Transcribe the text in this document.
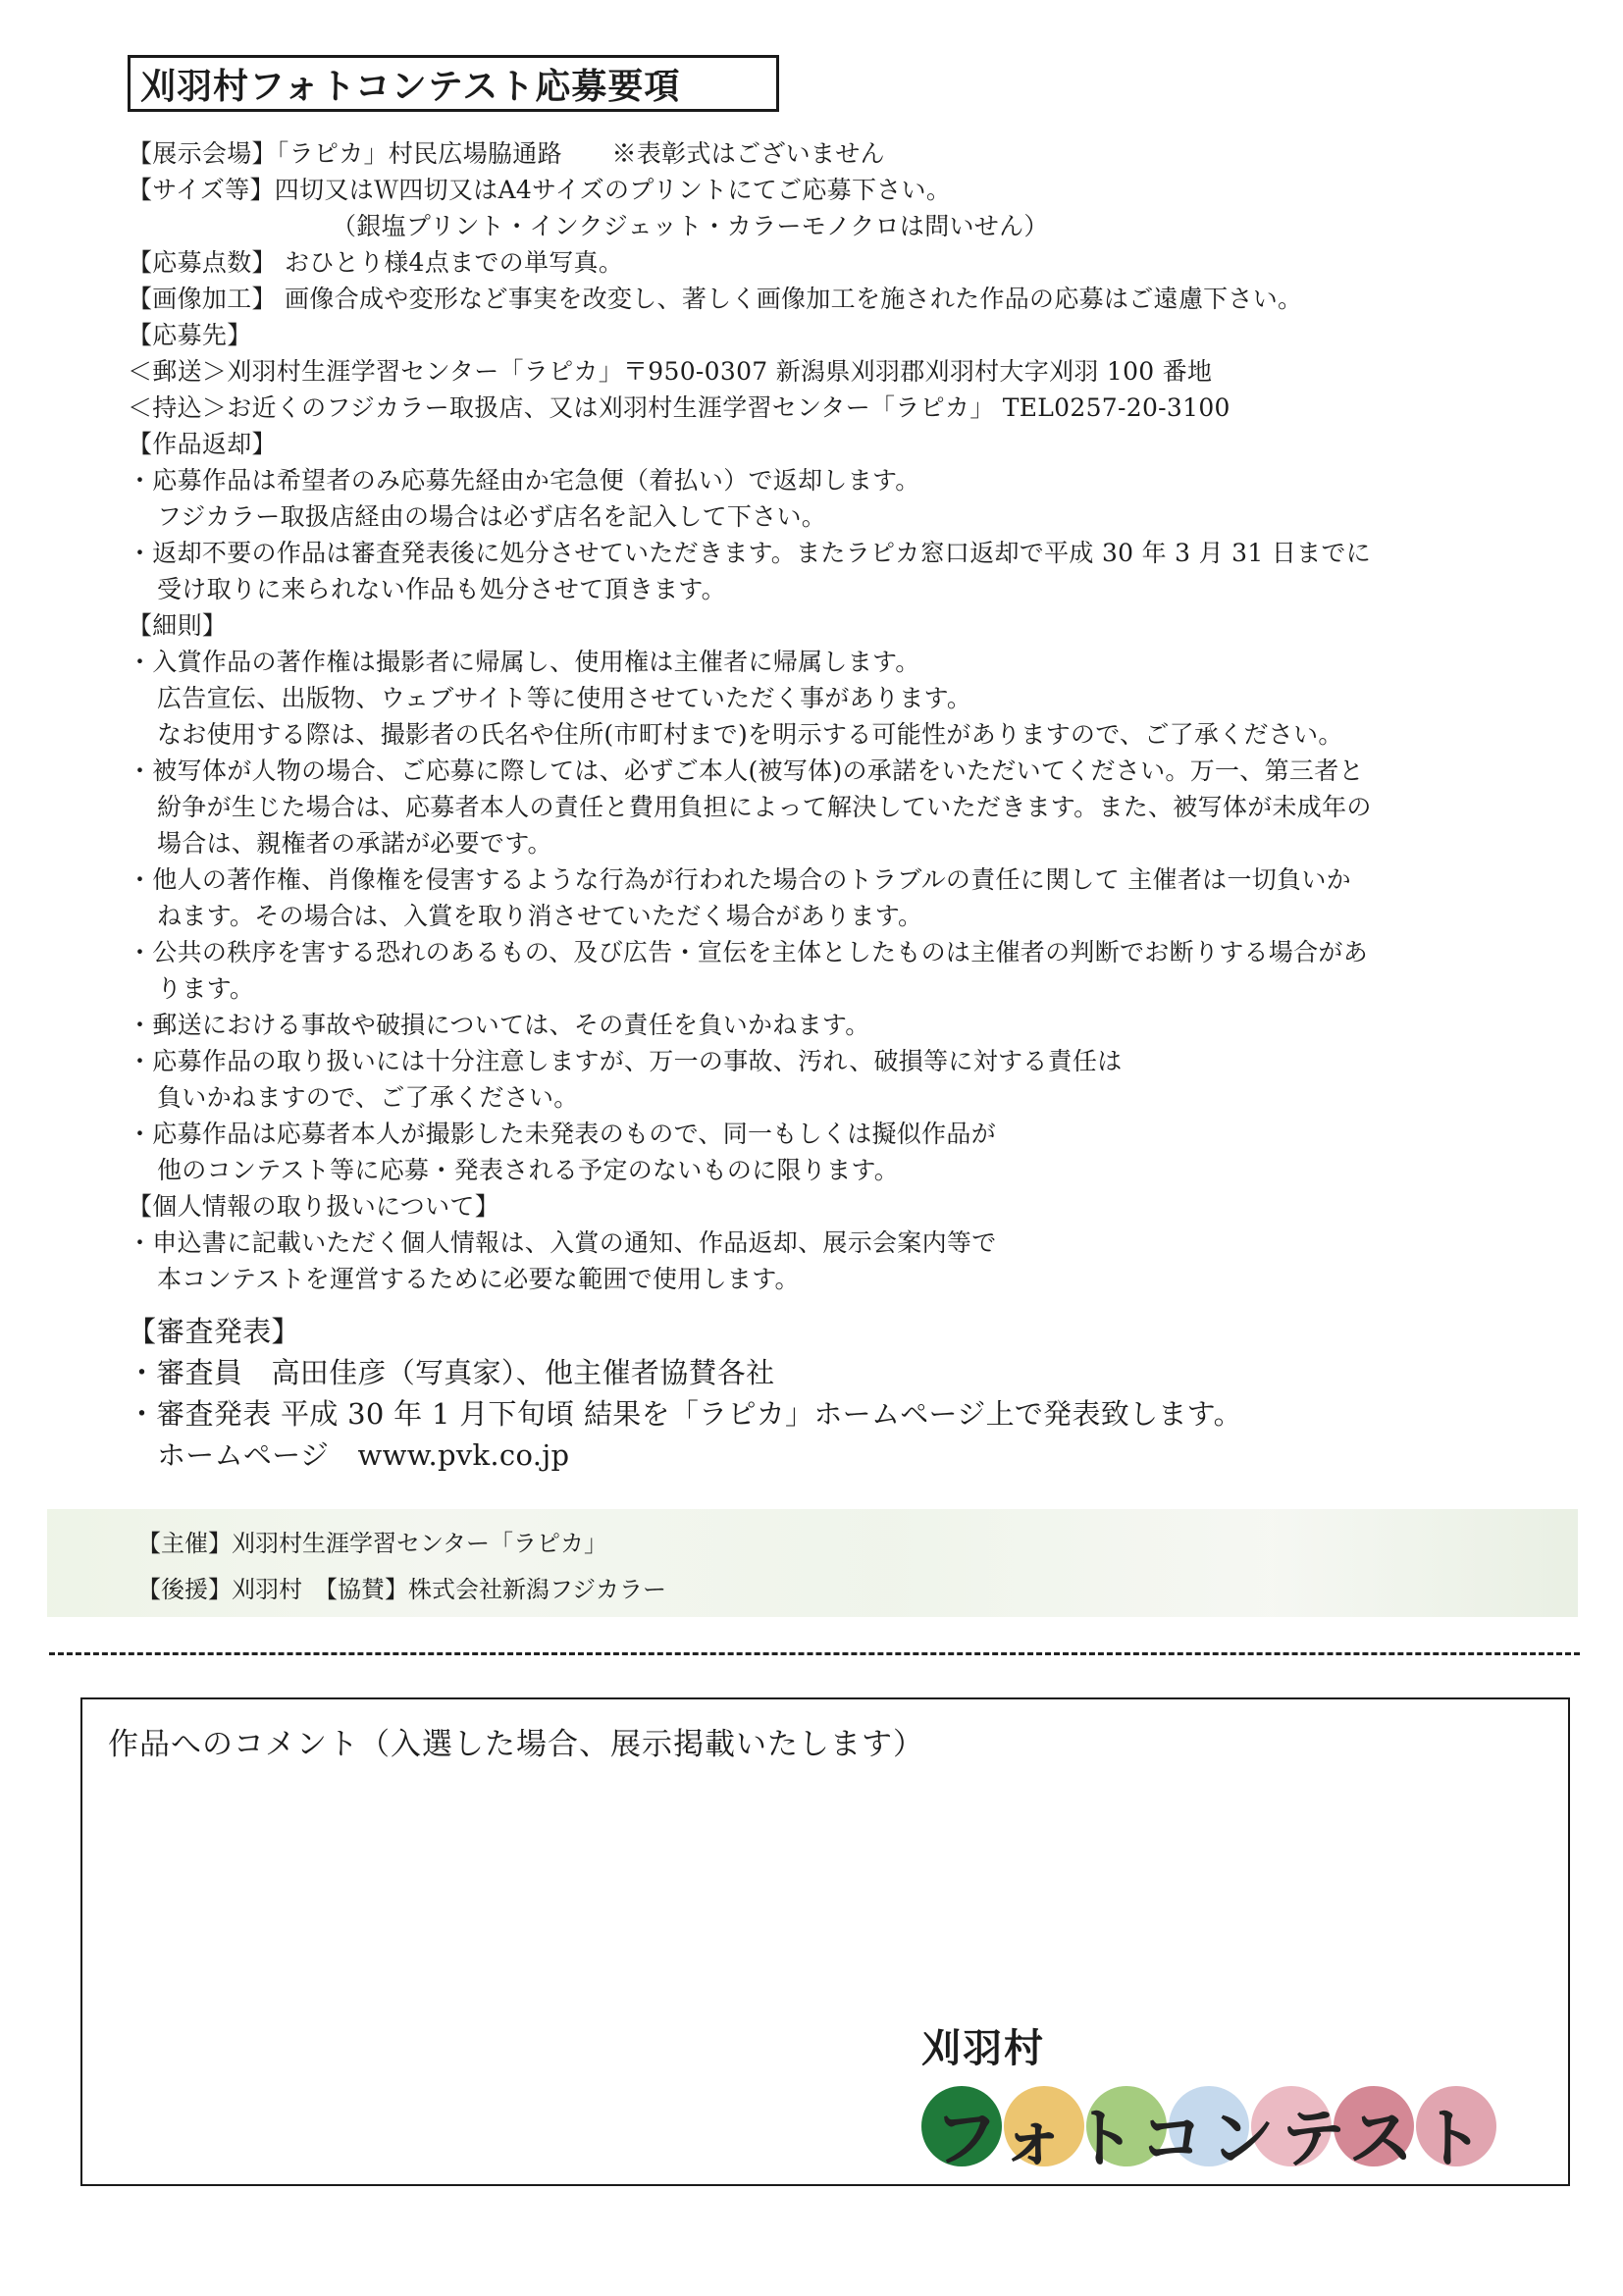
刈羽村フォトコンテスト応募要項
【展示会場】「ラピカ」村民広場脇通路　　※表彰式はございません
【サイズ等】四切又はＷ四切又はA4サイズのプリントにてご応募下さい。
（銀塩プリント・インクジェット・カラーモノクロは問いせん）
【応募点数】 おひとり様4点までの単写真。
【画像加工】 画像合成や変形など事実を改変し、著しく画像加工を施された作品の応募はご遠慮下さい。
【応募先】
＜郵送＞刈羽村生涯学習センター「ラピカ」〒950-0307 新潟県刈羽郡刈羽村大字刈羽 100 番地
＜持込＞お近くのフジカラー取扱店、又は刈羽村生涯学習センター「ラピカ」 TEL0257-20-3100
【作品返却】
・応募作品は希望者のみ応募先経由か宅急便（着払い）で返却します。
フジカラー取扱店経由の場合は必ず店名を記入して下さい。
・返却不要の作品は審査発表後に処分させていただきます。またラピカ窓口返却で平成 30 年 3 月 31 日までに
受け取りに来られない作品も処分させて頂きます。
【細則】
・入賞作品の著作権は撮影者に帰属し、使用権は主催者に帰属します。
広告宣伝、出版物、ウェブサイト等に使用させていただく事があります。
なお使用する際は、撮影者の氏名や住所(市町村まで)を明示する可能性がありますので、ご了承ください。
・被写体が人物の場合、ご応募に際しては、必ずご本人(被写体)の承諾をいただいてください。万一、第三者と
紛争が生じた場合は、応募者本人の責任と費用負担によって解決していただきます。また、被写体が未成年の
場合は、親権者の承諾が必要です。
・他人の著作権、肖像権を侵害するような行為が行われた場合のトラブルの責任に関して 主催者は一切負いか
ねます。その場合は、入賞を取り消させていただく場合があります。
・公共の秩序を害する恐れのあるもの、及び広告・宣伝を主体としたものは主催者の判断でお断りする場合があ
ります。
・郵送における事故や破損については、その責任を負いかねます。
・応募作品の取り扱いには十分注意しますが、万一の事故、汚れ、破損等に対する責任は
負いかねますので、ご了承ください。
・応募作品は応募者本人が撮影した未発表のもので、同一もしくは擬似作品が
他のコンテスト等に応募・発表される予定のないものに限ります。
【個人情報の取り扱いについて】
・申込書に記載いただく個人情報は、入賞の通知、作品返却、展示会案内等で
本コンテストを運営するために必要な範囲で使用します。
【審査発表】
・審査員　高田佳彦（写真家）、他主催者協賛各社
・審査発表 平成 30 年 1 月下旬頃 結果を「ラピカ」ホームページ上で発表致します。
ホームページ　www.pvk.co.jp
【主催】刈羽村生涯学習センター「ラピカ」
【後援】刈羽村　【協賛】株式会社新潟フジカラー
作品へのコメント（入選した場合、展示掲載いたします）
刈羽村
フォトコンテスト
